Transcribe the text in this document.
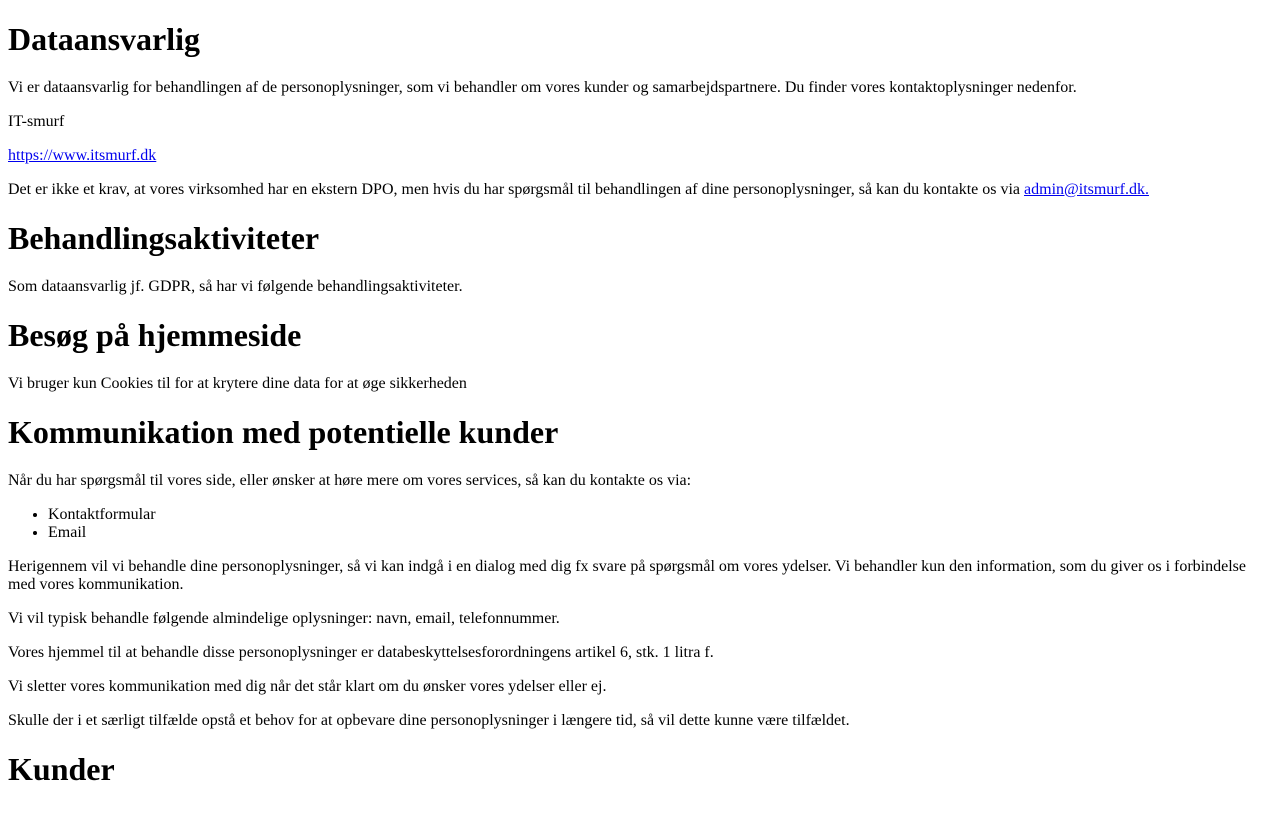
Dataansvarlig

Vi er dataansvarlig for behandlingen af de personoplysninger, som vi behandler om vores kunder og samarbejdspartnere. Du finder vores kontaktoplysninger nedenfor.

IT-smurf

https://www.itsmurf.dk

Det er ikke et krav, at vores virksomhed har en ekstern DPO, men hvis du har spørgsmål til behandlingen af dine personoplysninger, så kan du kontakte os via admin@itsmurf.dk.

Behandlingsaktiviteter

Som dataansvarlig jf. GDPR, så har vi følgende behandlingsaktiviteter.

Besøg på hjemmeside

Vi bruger kun Cookies til for at krytere dine data for at øge sikkerheden

Kommunikation med potentielle kunder

Når du har spørgsmål til vores side, eller ønsker at høre mere om vores services, så kan du kontakte os via:

• Kontaktformular
• Email

Herigennem vil vi behandle dine personoplysninger, så vi kan indgå i en dialog med dig fx svare på spørgsmål om vores ydelser. Vi behandler kun den information, som du giver os i forbindelse med vores kommunikation.

Vi vil typisk behandle følgende almindelige oplysninger: navn, email, telefonnummer.

Vores hjemmel til at behandle disse personoplysninger er databeskyttelsesforordningens artikel 6, stk. 1 litra f.

Vi sletter vores kommunikation med dig når det står klart om du ønsker vores ydelser eller ej.

Skulle der i et særligt tilfælde opstå et behov for at opbevare dine personoplysninger i længere tid, så vil dette kunne være tilfældet.

Kunder
